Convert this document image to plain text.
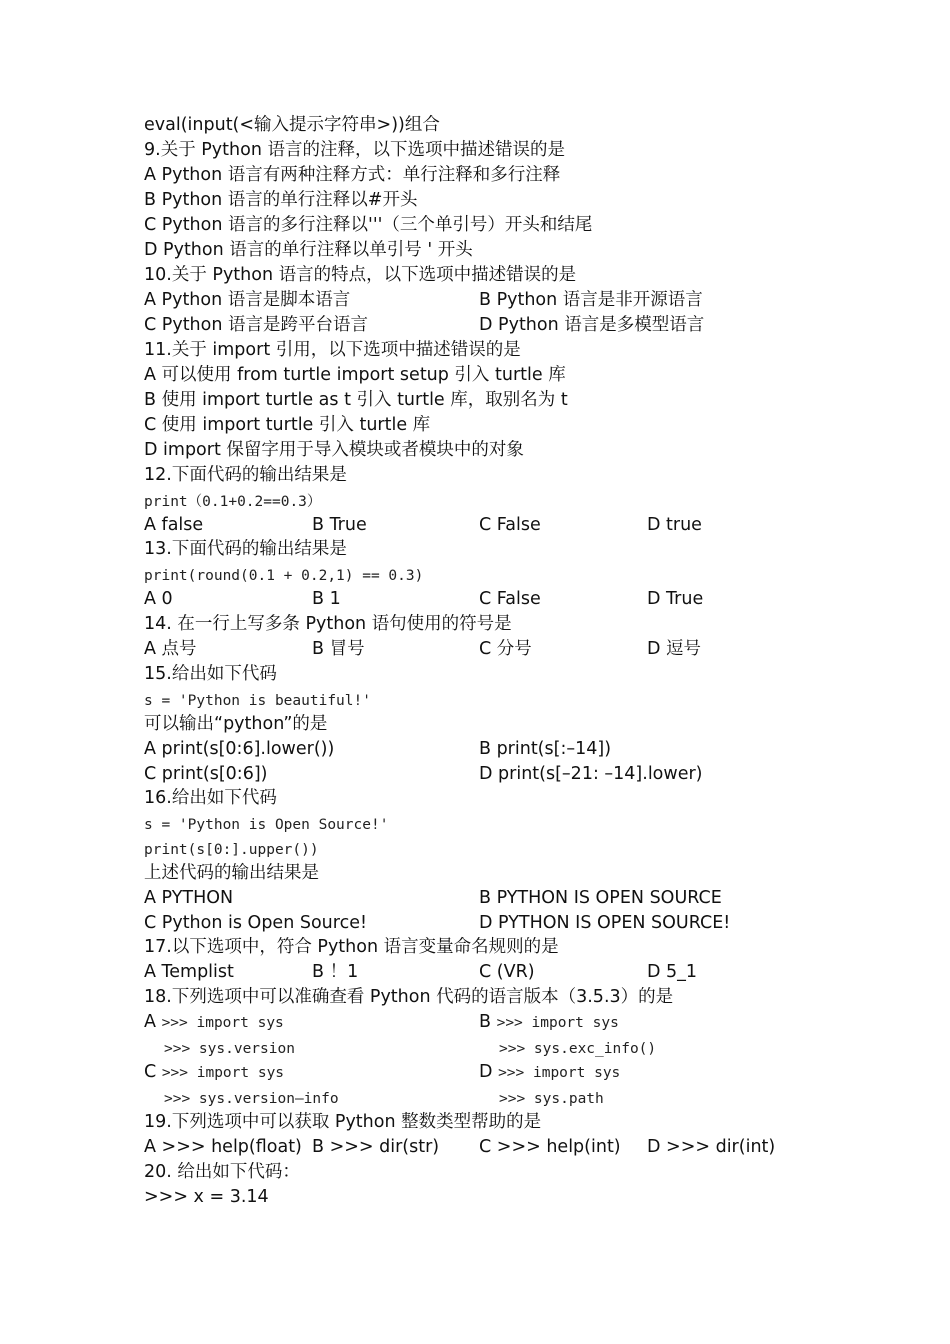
eval(input(<输入提示字符串>))组合
9.关于 Python 语言的注释，以下选项中描述错误的是
A Python 语言有两种注释方式：单行注释和多行注释
B Python 语言的单行注释以#开头
C Python 语言的多行注释以'''（三个单引号）开头和结尾
D Python 语言的单行注释以单引号 ' 开头
10.关于 Python 语言的特点，以下选项中描述错误的是
A Python 语言是脚本语言	B Python 语言是非开源语言
C Python 语言是跨平台语言	D Python 语言是多模型语言
11.关于 import 引用，以下选项中描述错误的是
A 可以使用 from turtle import setup 引入 turtle 库
B 使用 import turtle as t 引入 turtle 库，取别名为 t
C 使用 import turtle 引入 turtle 库
D import 保留字用于导入模块或者模块中的对象
12.下面代码的输出结果是
print（0.1+0.2==0.3）
A false	B True	C False	D true
13.下面代码的输出结果是
print(round(0.1 + 0.2,1) == 0.3)
A 0	B 1	C False	D True
14. 在一行上写多条 Python 语句使用的符号是
A 点号	B 冒号	C 分号	D 逗号
15.给出如下代码
s = 'Python is beautiful!'
可以输出“python”的是
A print(s[0:6].lower())	B print(s[:–14])
C print(s[0:6])	D print(s[–21: –14].lower)
16.给出如下代码
s = 'Python is Open Source!'
print(s[0:].upper())
上述代码的输出结果是
A PYTHON	B PYTHON IS OPEN SOURCE
C Python is Open Source!	D PYTHON IS OPEN SOURCE!
17.以下选项中，符合 Python 语言变量命名规则的是
A Templist	B ！1	C (VR)	D 5_1
18.下列选项中可以准确查看 Python 代码的语言版本（3.5.3）的是
A >>> import sys	B >>> import sys
>>> sys.version	>>> sys.exc_info()
C >>> import sys	D >>> import sys
>>> sys.version—info	>>> sys.path
19.下列选项中可以获取 Python 整数类型帮助的是
A >>> help(float) B >>> dir(str) C >>> help(int) D >>> dir(int)
20. 给出如下代码：
>>> x = 3.14
